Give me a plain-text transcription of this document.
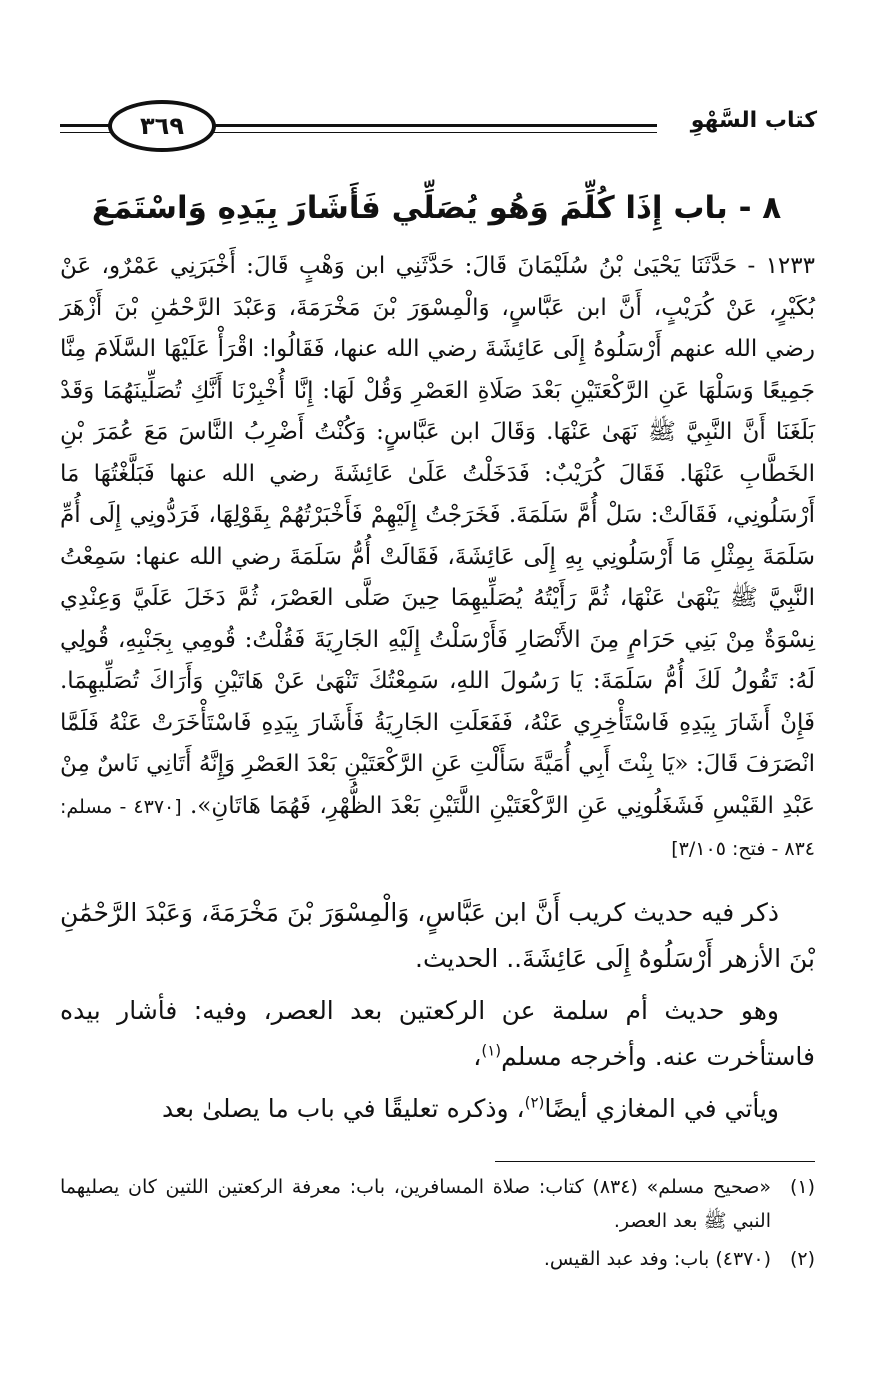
٣٦٩	كتاب السَّهْوِ
٨ - باب إِذَا كُلِّمَ وَهُو يُصَلِّي فَأَشَارَ بِيَدِهِ وَاسْتَمَعَ
١٢٣٣ - حَدَّثَنَا يَحْيَىٰ بْنُ سُلَيْمَانَ قَالَ: حَدَّثَنِي ابن وَهْبٍ قَالَ: أَخْبَرَنِي عَمْرٌو، عَنْ بُكَيْرٍ، عَنْ كُرَيْبٍ، أَنَّ ابن عَبَّاسٍ، وَالْمِسْوَرَ بْنَ مَخْرَمَةَ، وَعَبْدَ الرَّحْمَٰنِ بْنَ أَزْهَرَ رضي الله عنهم أَرْسَلُوهُ إِلَى عَائِشَةَ رضي الله عنها، فَقَالُوا: اقْرَأْ عَلَيْهَا السَّلَامَ مِنَّا جَمِيعًا وَسَلْهَا عَنِ الرَّكْعَتَيْنِ بَعْدَ صَلَاةِ العَصْرِ وَقُلْ لَهَا: إِنَّا أُخْبِرْنَا أَنَّكِ تُصَلِّينَهُمَا وَقَدْ بَلَغَنَا أَنَّ النَّبِيَّ ﷺ نَهَىٰ عَنْهَا. وَقَالَ ابن عَبَّاسٍ: وَكُنْتُ أَضْرِبُ النَّاسَ مَعَ عُمَرَ بْنِ الخَطَّابِ عَنْهَا. فَقَالَ كُرَيْبٌ: فَدَخَلْتُ عَلَىٰ عَائِشَةَ رضي الله عنها فَبَلَّغْتُهَا مَا أَرْسَلُونِي، فَقَالَتْ: سَلْ أُمَّ سَلَمَةَ. فَخَرَجْتُ إِلَيْهِمْ فَأَخْبَرْتُهُمْ بِقَوْلِهَا، فَرَدُّونِي إِلَى أُمِّ سَلَمَةَ بِمِثْلِ مَا أَرْسَلُونِي بِهِ إِلَى عَائِشَةَ، فَقَالَتْ أُمُّ سَلَمَةَ رضي الله عنها: سَمِعْتُ النَّبِيَّ ﷺ يَنْهَىٰ عَنْهَا، ثُمَّ رَأَيْتُهُ يُصَلِّيهِمَا حِينَ صَلَّى العَصْرَ، ثُمَّ دَخَلَ عَلَيَّ وَعِنْدِي نِسْوَةٌ مِنْ بَنِي حَرَامٍ مِنَ الأَنْصَارِ فَأَرْسَلْتُ إِلَيْهِ الجَارِيَةَ فَقُلْتُ: قُومِي بِجَنْبِهِ، قُولِي لَهُ: تَقُولُ لَكَ أُمُّ سَلَمَةَ: يَا رَسُولَ اللهِ، سَمِعْتُكَ تَنْهَىٰ عَنْ هَاتَيْنِ وَأَرَاكَ تُصَلِّيهِمَا. فَإِنْ أَشَارَ بِيَدِهِ فَاسْتَأْخِرِي عَنْهُ، فَفَعَلَتِ الجَارِيَةُ فَأَشَارَ بِيَدِهِ فَاسْتَأْخَرَتْ عَنْهُ فَلَمَّا انْصَرَفَ قَالَ: «يَا بِنْتَ أَبِي أُمَيَّةَ سَأَلْتِ عَنِ الرَّكْعَتَيْنِ بَعْدَ العَصْرِ وَإِنَّهُ أَتَانِي نَاسٌ مِنْ عَبْدِ القَيْسِ فَشَغَلُونِي عَنِ الرَّكْعَتَيْنِ اللَّتَيْنِ بَعْدَ الظُّهْرِ، فَهُمَا هَاتَانِ». [٤٣٧٠ - مسلم: ٨٣٤ - فتح: ٣/١٠٥]

ذكر فيه حديث كريب أَنَّ ابن عَبَّاسٍ، وَالْمِسْوَرَ بْنَ مَخْرَمَةَ، وَعَبْدَ الرَّحْمَٰنِ بْنَ الأزهر أَرْسَلُوهُ إِلَى عَائِشَةَ.. الحديث.

وهو حديث أم سلمة عن الركعتين بعد العصر، وفيه: فأشار بيده فاستأخرت عنه. وأخرجه مسلم$^{(١)}$،

ويأتي في المغازي أيضًا$^{(٢)}$، وذكره تعليقًا في باب ما يصلىٰ بعد

(١)
«صحيح مسلم» (٨٣٤) كتاب: صلاة المسافرين، باب: معرفة الركعتين اللتين كان يصليهما النبي ﷺ بعد العصر.
(٢)
(٤٣٧٠) باب: وفد عبد القيس.
